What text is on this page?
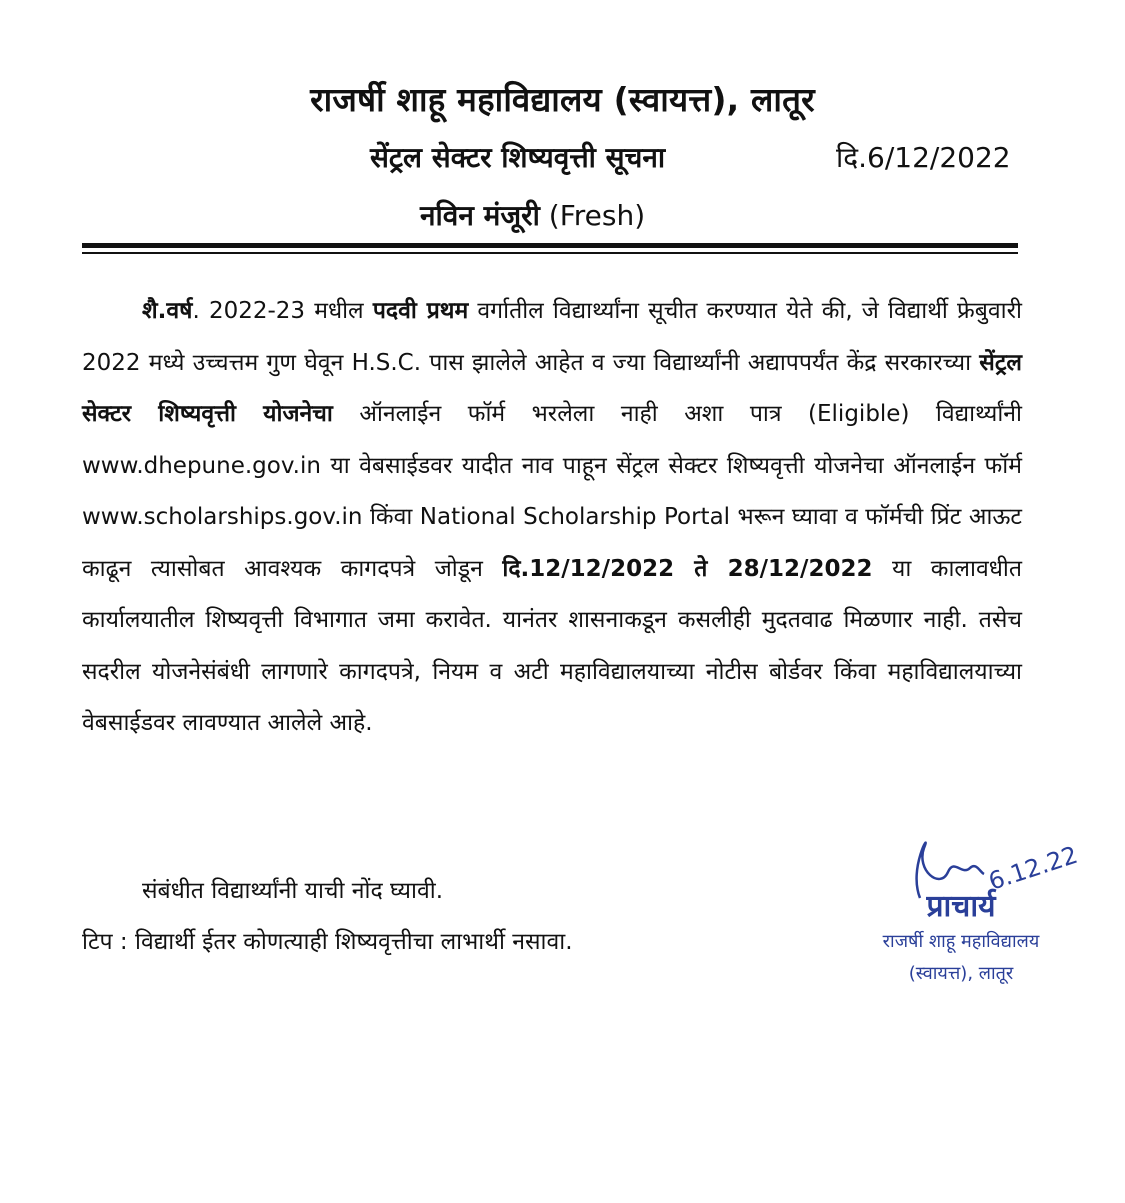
राजर्षी शाहू महाविद्यालय (स्वायत्त), लातूर
सेंट्रल सेक्टर शिष्यवृत्ती सूचना	दि.6/12/2022
नविन मंजूरी (Fresh)

शै.वर्ष. 2022-23 मधील पदवी प्रथम वर्गातील विद्यार्थ्यांना सूचीत करण्यात येते की, जे विद्यार्थी फ्रेबुवारी 2022 मध्ये उच्चत्तम गुण घेवून H.S.C. पास झालेले आहेत व ज्या विद्यार्थ्यांनी अद्यापपर्यंत केंद्र सरकारच्या सेंट्रल सेक्टर शिष्यवृत्ती योजनेचा ऑनलाईन फॉर्म भरलेला नाही अशा पात्र (Eligible) विद्यार्थ्यांनी www.dhepune.gov.in या वेबसाईडवर यादीत नाव पाहून सेंट्रल सेक्टर शिष्यवृत्ती योजनेचा ऑनलाईन फॉर्म www.scholarships.gov.in किंवा National Scholarship Portal भरून घ्यावा व फॉर्मची प्रिंट आऊट काढून त्यासोबत आवश्यक कागदपत्रे जोडून दि.12/12/2022 ते 28/12/2022 या कालावधीत कार्यालयातील शिष्यवृत्ती विभागात जमा करावेत. यानंतर शासनाकडून कसलीही मुदतवाढ मिळणार नाही. तसेच सदरील योजनेसंबंधी लागणारे कागदपत्रे, नियम व अटी महाविद्यालयाच्या नोटीस बोर्डवर किंवा महाविद्यालयाच्या वेबसाईडवर लावण्यात आलेले आहे.

संबंधीत विद्यार्थ्यांनी याची नोंद घ्यावी.
टिप : विद्यार्थी ईतर कोणत्याही शिष्यवृत्तीचा लाभार्थी नसावा.
6.12.22
प्राचार्य
राजर्षी शाहू महाविद्यालय
(स्वायत्त), लातूर
